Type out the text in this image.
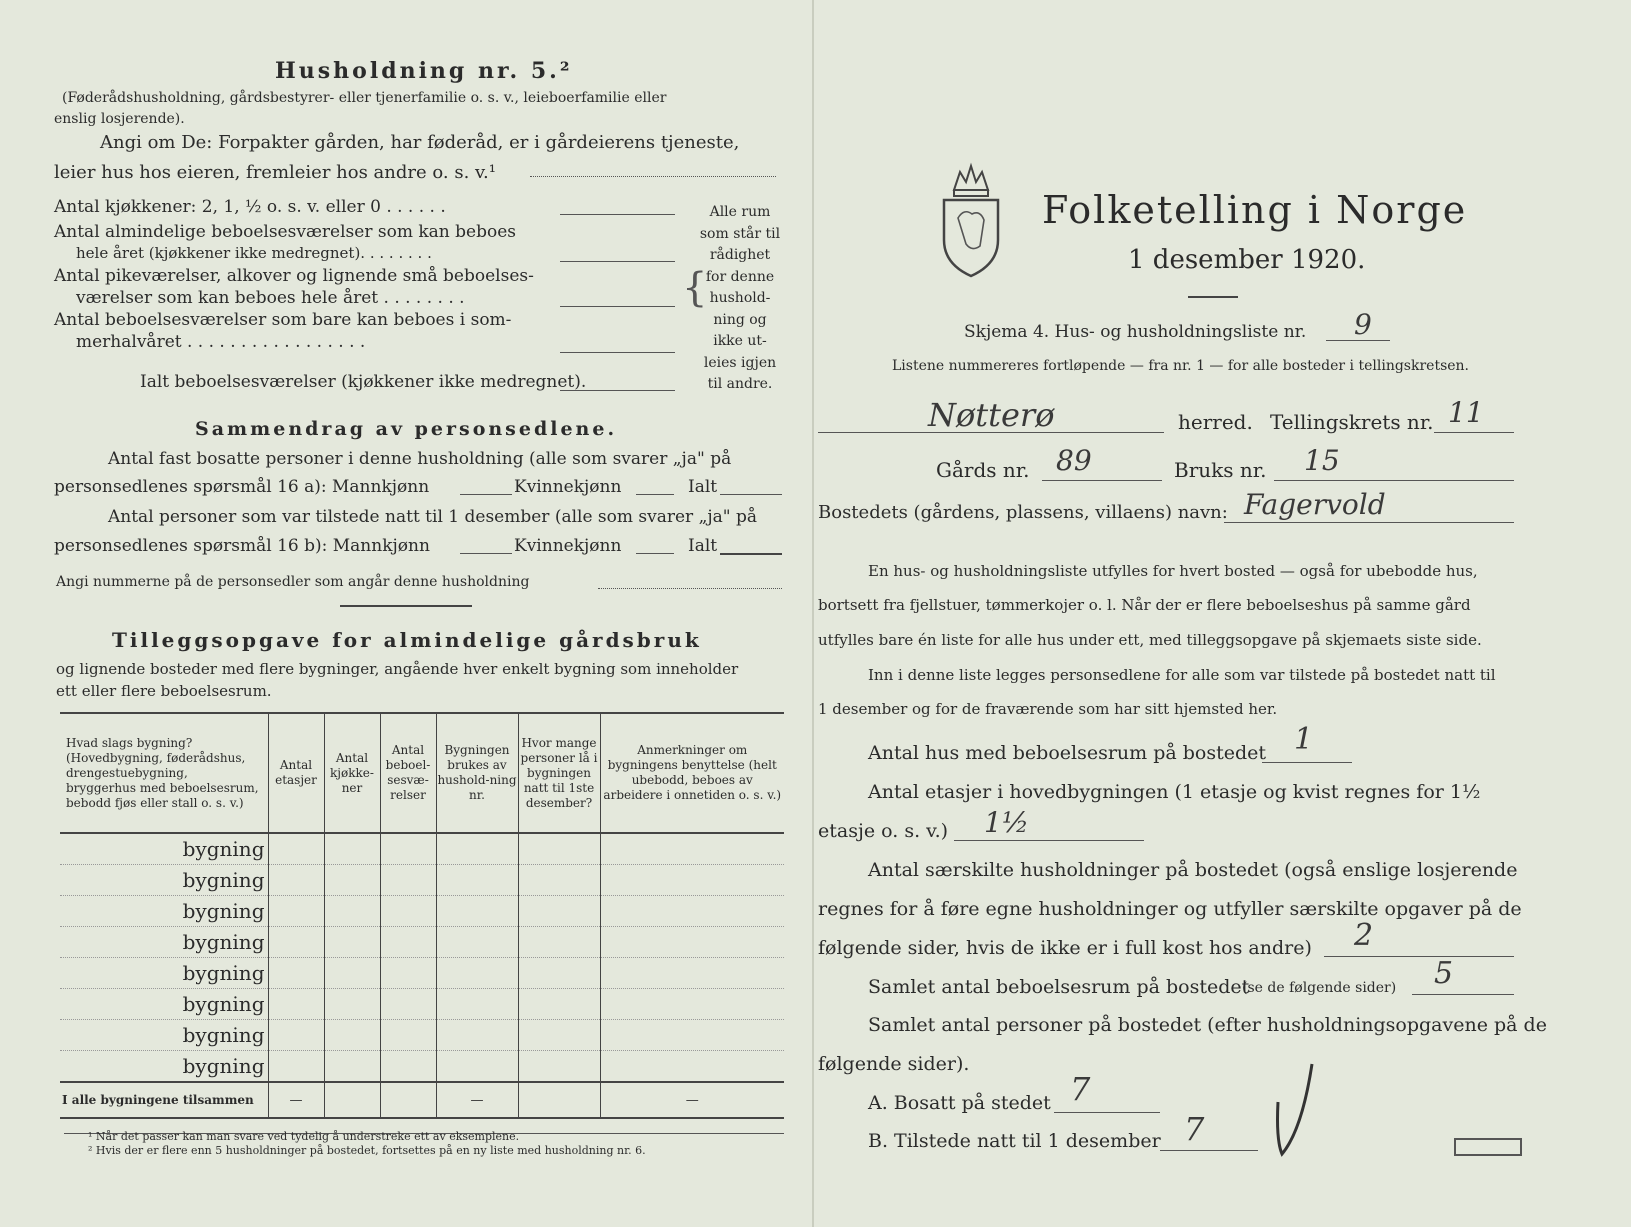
Husholdning nr. 5.²
(Føderådshusholdning, gårdsbestyrer- eller tjenerfamilie o. s. v., leieboerfamilie eller
enslig losjerende).
Angi om De: Forpakter gården, har føderåd, er i gårdeierens tjeneste,
leier hus hos eieren, fremleier hos andre o. s. v.¹
Antal kjøkkener: 2, 1, ½ o. s. v. eller 0 . . . . . .
Antal almindelige beboelsesværelser som kan beboes
hele året (kjøkkener ikke medregnet). . . . . . . .
Antal pikeværelser, alkover og lignende små beboelses-
værelser som kan beboes hele året . . . . . . . .
Antal beboelsesværelser som bare kan beboes i som-
merhalvåret . . . . . . . . . . . . . . . . .
Ialt beboelsesværelser (kjøkkener ikke medregnet).
{
Alle rum
som står til
rådighet
for denne
hushold-
ning og
ikke ut-
leies igjen
til andre.
Sammendrag av personsedlene.
Antal fast bosatte personer i denne husholdning (alle som svarer „ja" på
personsedlenes spørsmål 16 a): Mannkjønn	Kvinnekjønn	Ialt
Antal personer som var tilstede natt til 1 desember (alle som svarer „ja" på
personsedlenes spørsmål 16 b): Mannkjønn	Kvinnekjønn	Ialt
Angi nummerne på de personsedler som angår denne husholdning
Tilleggsopgave for almindelige gårdsbruk
og lignende bosteder med flere bygninger, angående hver enkelt bygning som inneholder
ett eller flere beboelsesrum.
Hvad slags bygning? (Hovedbygning, føderådshus, drengestuebygning, bryggerhus med beboelsesrum, bebodd fjøs eller stall o. s. v.)	Antal etasjer	Antal kjøkke-ner	Antal beboel-sesvæ-relser	Bygningen brukes av hushold-ning nr.	Hvor mange personer lå i bygningen natt til 1ste desember?	Anmerkninger om bygningens benyttelse (helt ubebodd, beboes av arbeidere i onnetiden o. s. v.)
bygning						
bygning						
bygning						
bygning						
bygning						
bygning						
bygning						
bygning						
I alle bygningene tilsammen	—			—		—
¹ Når det passer kan man svare ved tydelig å understreke ett av eksemplene.
² Hvis der er flere enn 5 husholdninger på bostedet, fortsettes på en ny liste med husholdning nr. 6.
Folketelling i Norge
1 desember 1920.
Skjema 4. Hus- og husholdningsliste nr. 9
Listene nummereres fortløpende — fra nr. 1 — for alle bosteder i tellingskretsen.
Nøtterø	herred. Tellingskrets nr. 11
Gårds nr. 89	Bruks nr. 15
Bostedets (gårdens, plassens, villaens) navn: Fagervold
En hus- og husholdningsliste utfylles for hvert bosted — også for ubebodde hus,
bortsett fra fjellstuer, tømmerkojer o. l. Når der er flere beboelseshus på samme gård
utfylles bare én liste for alle hus under ett, med tilleggsopgave på skjemaets siste side.
Inn i denne liste legges personsedlene for alle som var tilstede på bostedet natt til
1 desember og for de fraværende som har sitt hjemsted her.
Antal hus med beboelsesrum på bostedet 1
Antal etasjer i hovedbygningen (1 etasje og kvist regnes for 1½
etasje o. s. v.) 1½
Antal særskilte husholdninger på bostedet (også enslige losjerende
regnes for å føre egne husholdninger og utfyller særskilte opgaver på de
følgende sider, hvis de ikke er i full kost hos andre) 2
Samlet antal beboelsesrum på bostedet
(se de følgende sider) 5
Samlet antal personer på bostedet (efter husholdningsopgavene på de
følgende sider).
A. Bosatt på stedet 7
B. Tilstede natt til 1 desember 7
